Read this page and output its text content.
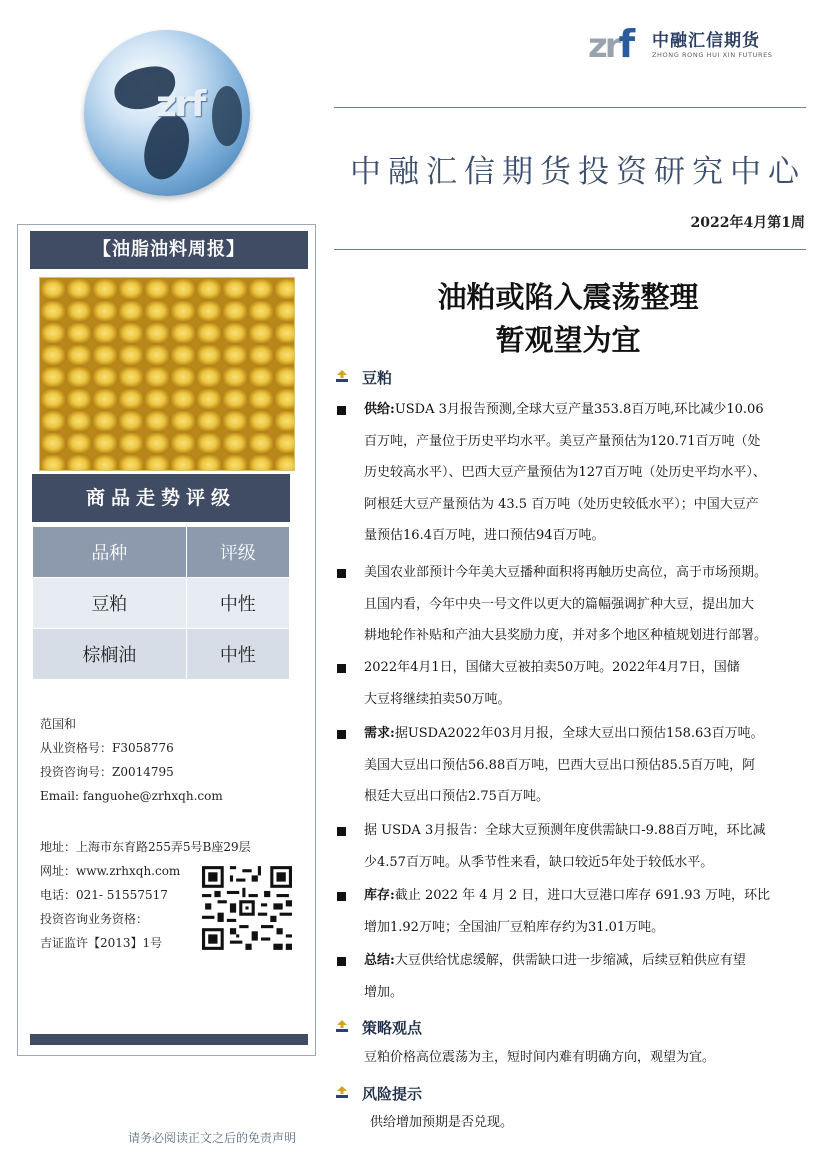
zrf
zrf 中融汇信期货
ZHONG RONG HUI XIN FUTURES
中融汇信期货投资研究中心
2022年4月第1周
【油脂油料周报】
商品走势评级
品种	评级
豆粕	中性
棕榈油	中性
范国和
从业资格号：F3058776
投资咨询号：Z0014795
Email: fanguohe@zrhxqh.com
地址：上海市东育路255弄5号B座29层
网址：www.zrhxqh.com
电话：021- 51557517
投资咨询业务资格：
吉证监许【2013】1号
请务必阅读正文之后的免责声明
油粕或陷入震荡整理
暂观望为宜
豆粕
供给:USDA 3月报告预测,全球大豆产量353.8百万吨,环比减少10.06
百万吨，产量位于历史平均水平。美豆产量预估为120.71百万吨（处
历史较高水平）、巴西大豆产量预估为127百万吨（处历史平均水平）、
阿根廷大豆产量预估为 43.5 百万吨（处历史较低水平）；中国大豆产
量预估16.4百万吨，进口预估94百万吨。
美国农业部预计今年美大豆播种面积将再触历史高位，高于市场预期。
且国内看，今年中央一号文件以更大的篇幅强调扩种大豆，提出加大
耕地轮作补贴和产油大县奖励力度，并对多个地区种植规划进行部署。
2022年4月1日，国储大豆被拍卖50万吨。2022年4月7日，国储
大豆将继续拍卖50万吨。
需求:据USDA2022年03月月报，全球大豆出口预估158.63百万吨。
美国大豆出口预估56.88百万吨，巴西大豆出口预估85.5百万吨，阿
根廷大豆出口预估2.75百万吨。
据 USDA 3月报告：全球大豆预测年度供需缺口-9.88百万吨，环比减
少4.57百万吨。从季节性来看，缺口较近5年处于较低水平。
库存:截止 2022 年 4 月 2 日，进口大豆港口库存 691.93 万吨，环比
增加1.92万吨；全国油厂豆粕库存约为31.01万吨。
总结:大豆供给忧虑缓解，供需缺口进一步缩减，后续豆粕供应有望
增加。
策略观点
豆粕价格高位震荡为主，短时间内难有明确方向，观望为宜。
风险提示
供给增加预期是否兑现。
